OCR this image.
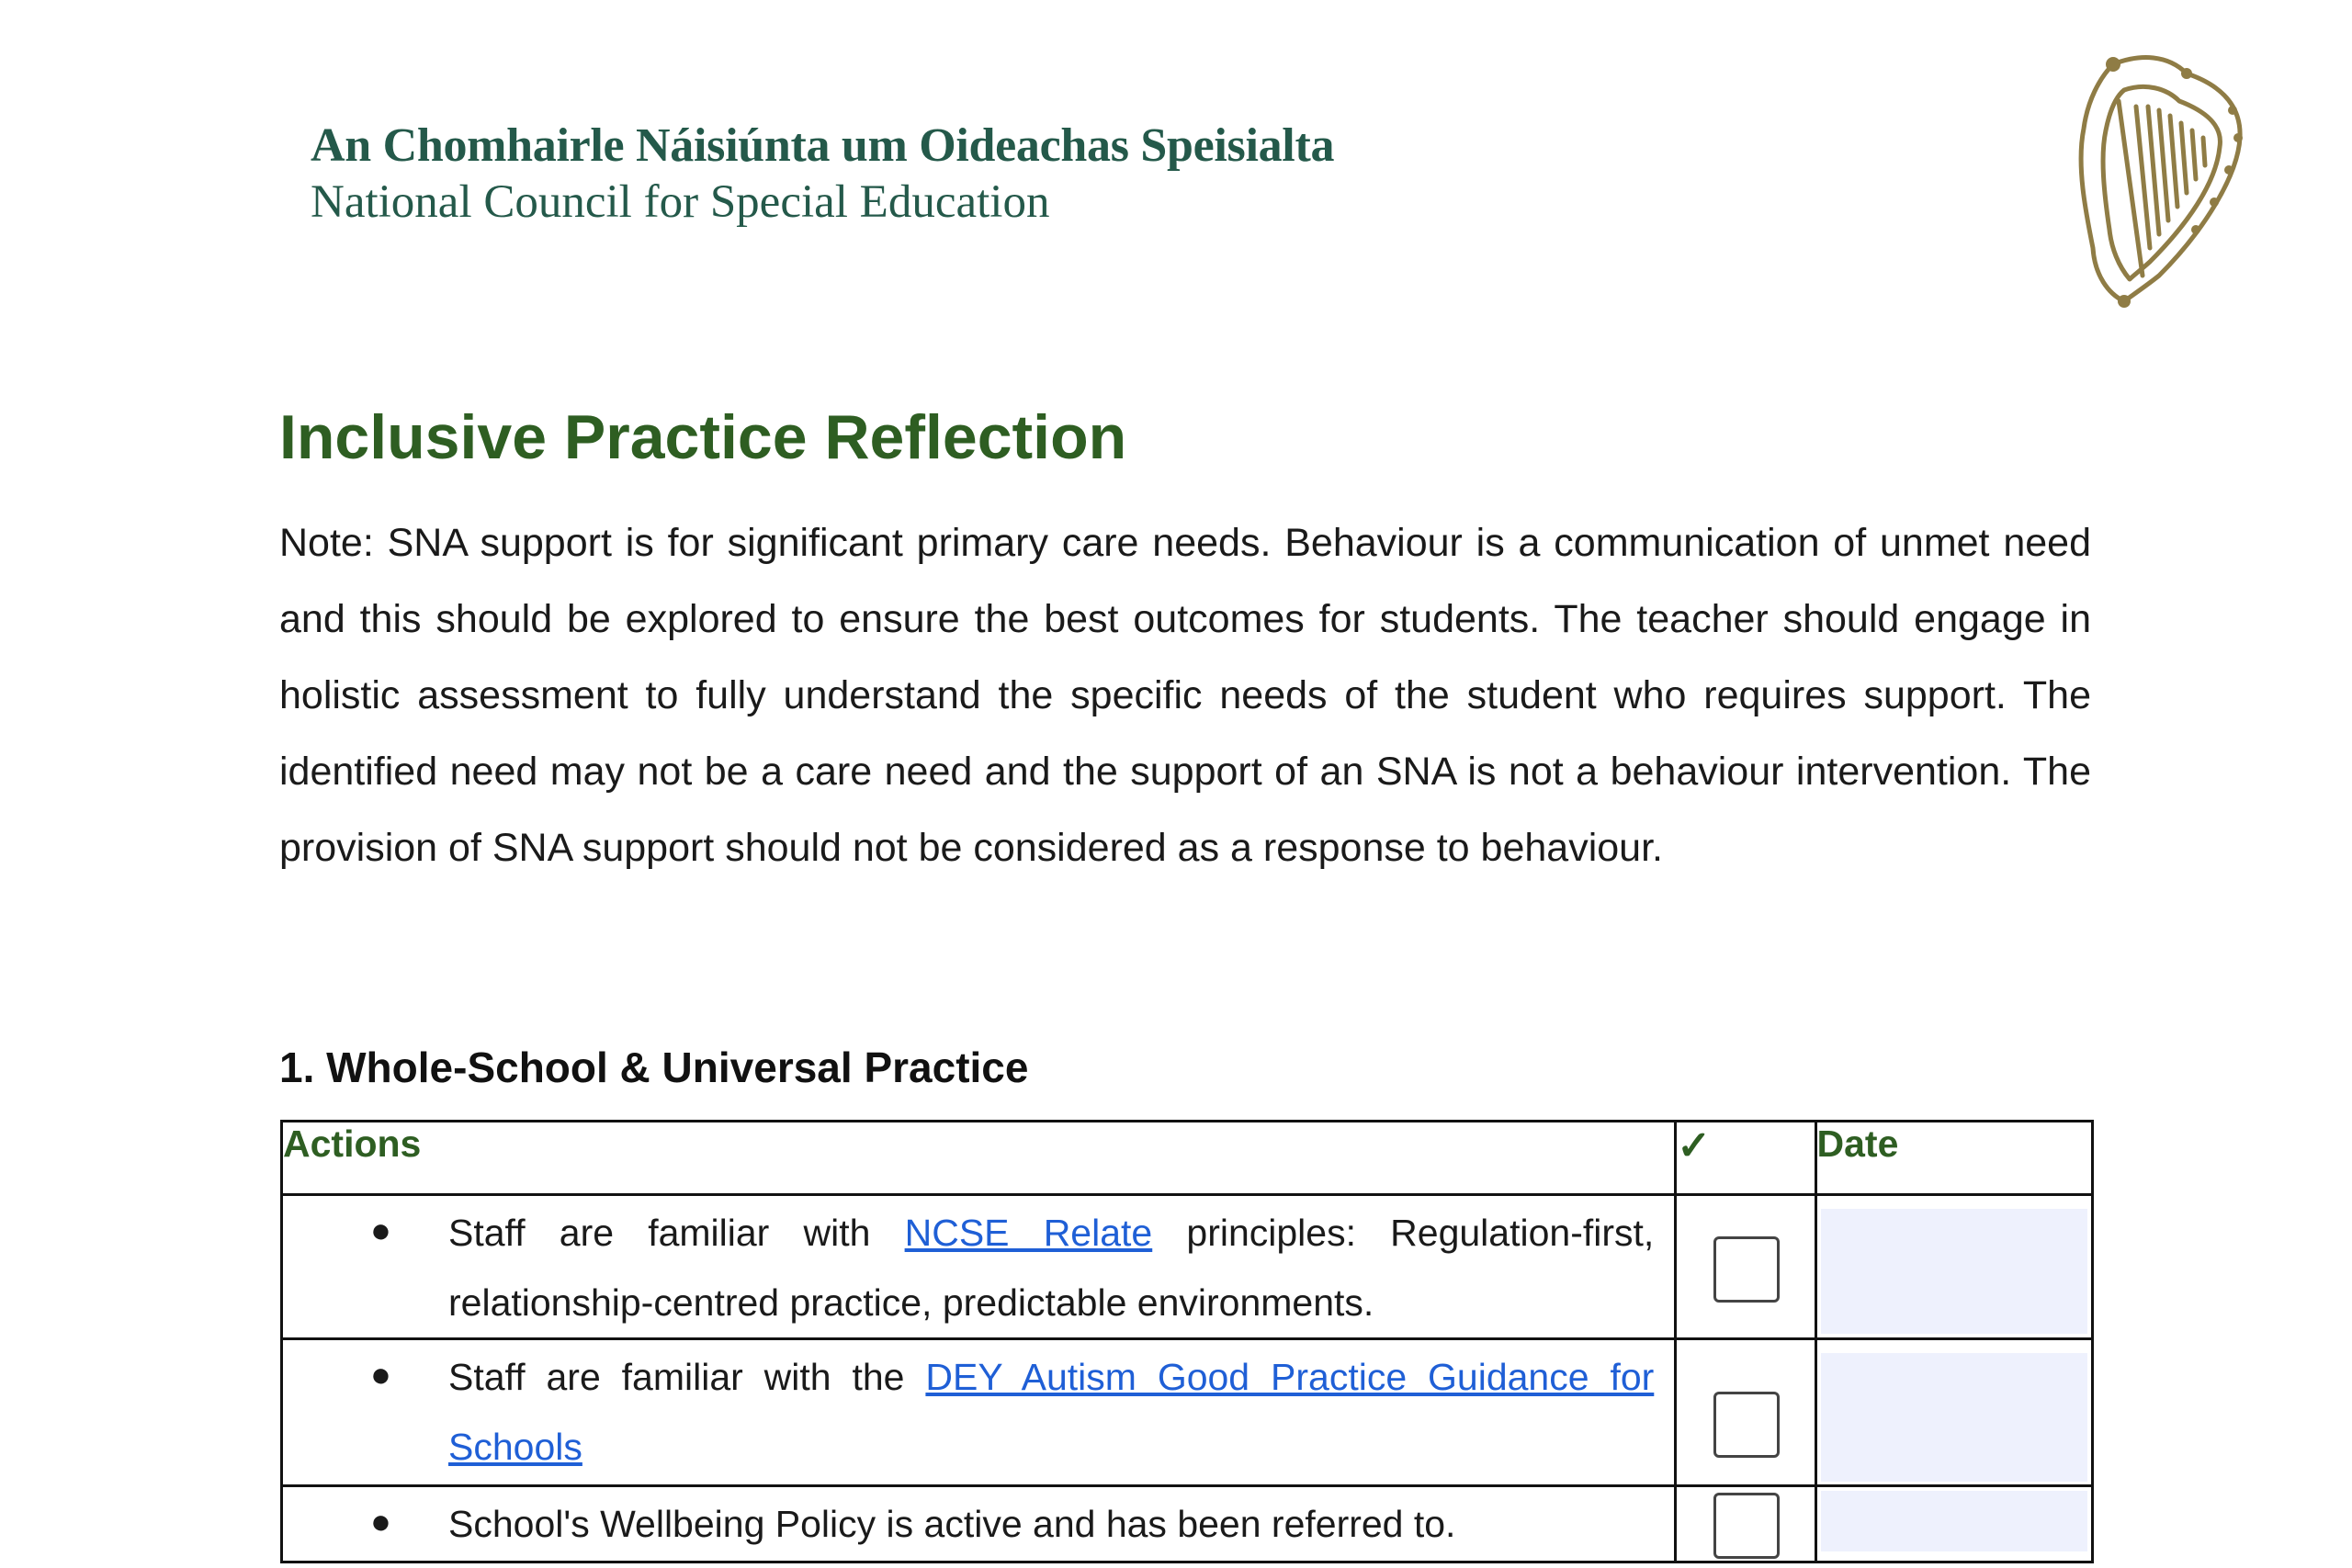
An Chomhairle Náisiúnta um Oideachas Speisialta
National Council for Special Education
Inclusive Practice Reflection

Note: SNA support is for significant primary care needs. Behaviour is a communication of unmet need and this should be explored to ensure the best outcomes for students. The teacher should engage in holistic assessment to fully understand the specific needs of the student who requires support. The identified need may not be a care need and the support of an SNA is not a behaviour intervention. The provision of SNA support should not be considered as a response to behaviour.

1. Whole-School & Universal Practice
Actions	✓	Date

● Staff are familiar with NCSE Relate principles: Regulation-first, relationship-centred practice, predictable environments.		

● Staff are familiar with the DEY Autism Good Practice Guidance for Schools		

● School's Wellbeing Policy is active and has been referred to.		
